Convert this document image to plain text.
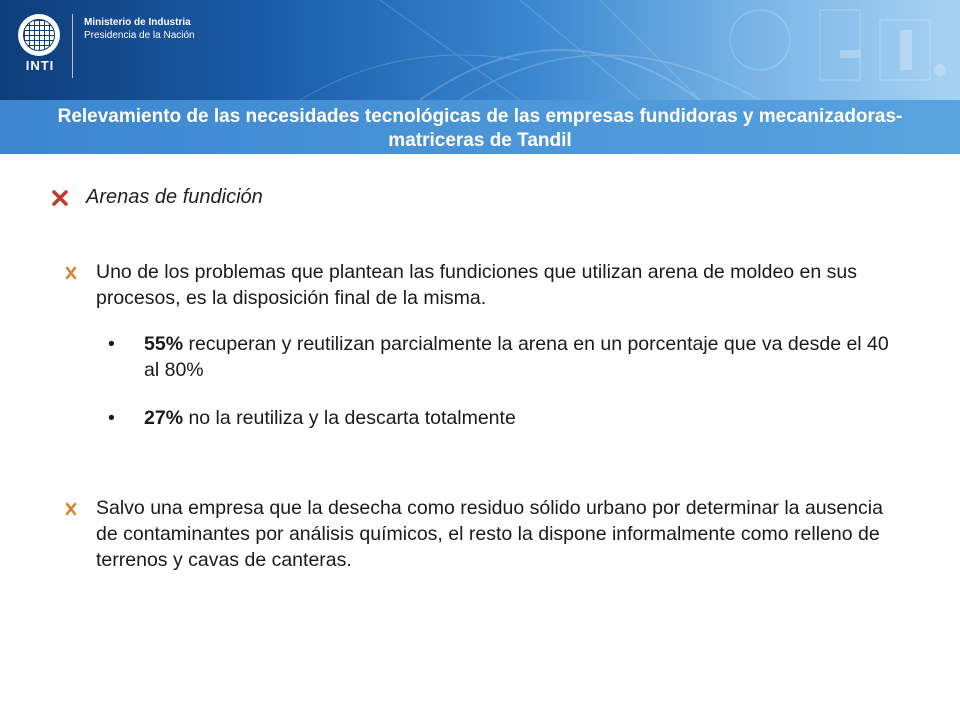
INTI
Ministerio de Industria
Presidencia de la Nación
Relevamiento de las necesidades tecnológicas de las empresas fundidoras y mecanizadoras-matriceras de Tandil
Arenas de fundición
Uno de los problemas que plantean las fundiciones que utilizan arena de moldeo en sus procesos, es la disposición final de la misma.
•	55% recuperan y reutilizan parcialmente la arena en un porcentaje que va desde el 40 al 80%
•	27% no la reutiliza y la descarta totalmente
Salvo una empresa que la desecha como residuo sólido urbano por determinar la ausencia de contaminantes por análisis químicos, el resto la dispone informalmente como relleno de terrenos y cavas de canteras.
